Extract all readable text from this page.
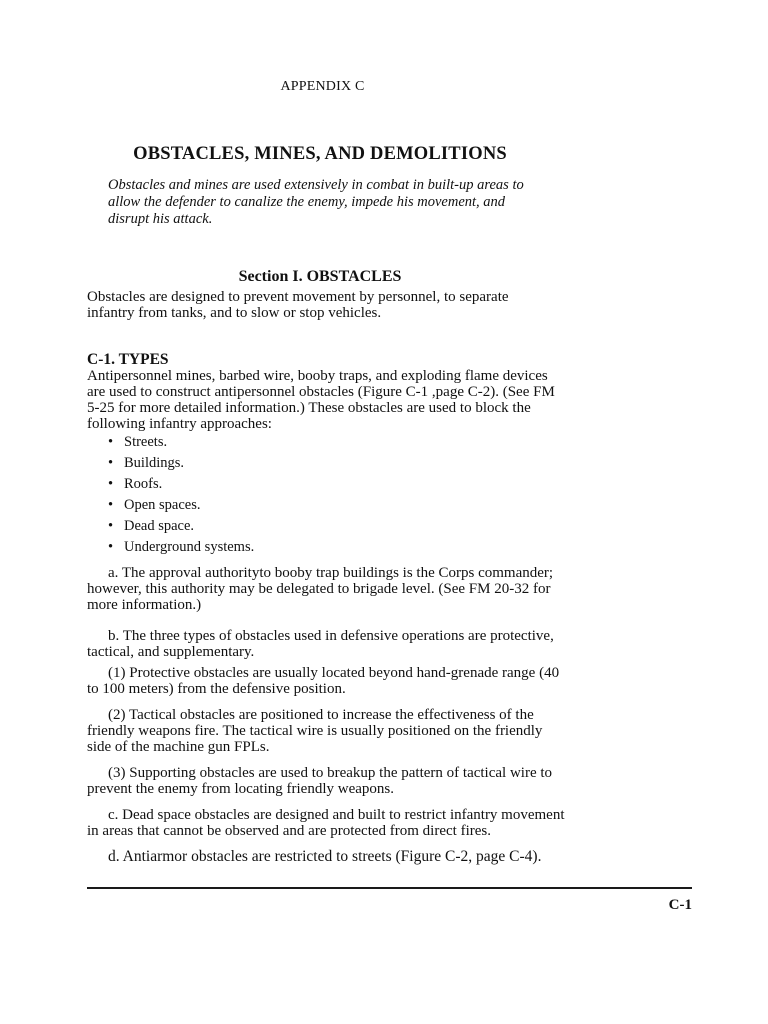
APPENDIX C
OBSTACLES, MINES, AND DEMOLITIONS
Obstacles and mines are used extensively in combat in built-up areas to allow the defender to canalize the enemy, impede his movement, and disrupt his attack.
Section I. OBSTACLES
Obstacles are designed to prevent movement by personnel, to separate infantry from tanks, and to slow or stop vehicles.
C-1. TYPES
Antipersonnel mines, barbed wire, booby traps, and exploding flame devices are used to construct antipersonnel obstacles (Figure C-1 ,page C-2). (See FM 5-25 for more detailed information.) These obstacles are used to block the following infantry approaches:
• Streets.
• Buildings.
• Roofs.
• Open spaces.
• Dead space.
• Underground systems.
a. The approval authorityto booby trap buildings is the Corps commander; however, this authority may be delegated to brigade level. (See FM 20-32 for more information.)
b. The three types of obstacles used in defensive operations are protective, tactical, and supplementary.
(1) Protective obstacles are usually located beyond hand-grenade range (40 to 100 meters) from the defensive position.
(2) Tactical obstacles are positioned to increase the effectiveness of the friendly weapons fire. The tactical wire is usually positioned on the friendly side of the machine gun FPLs.
(3) Supporting obstacles are used to breakup the pattern of tactical wire to prevent the enemy from locating friendly weapons.
c. Dead space obstacles are designed and built to restrict infantry movement in areas that cannot be observed and are protected from direct fires.
d. Antiarmor obstacles are restricted to streets (Figure C-2, page C-4).
C-1
